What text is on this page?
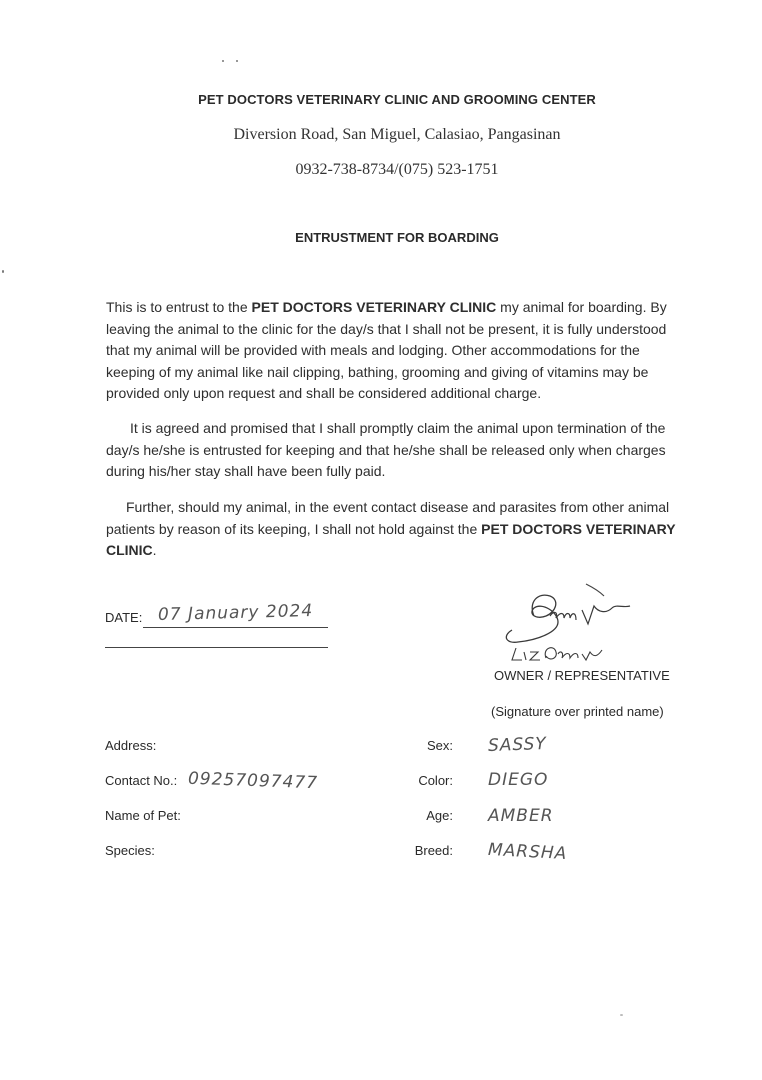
PET DOCTORS VETERINARY CLINIC AND GROOMING CENTER
Diversion Road, San Miguel, Calasiao, Pangasinan
0932-738-8734/(075) 523-1751
ENTRUSTMENT FOR BOARDING

This is to entrust to the PET DOCTORS VETERINARY CLINIC my animal for boarding. By leaving the animal to the clinic for the day/s that I shall not be present, it is fully understood that my animal will be provided with meals and lodging. Other accommodations for the keeping of my animal like nail clipping, bathing, grooming and giving of vitamins may be provided only upon request and shall be considered additional charge.

It is agreed and promised that I shall promptly claim the animal upon termination of the day/s he/she is entrusted for keeping and that he/she shall be released only when charges during his/her stay shall have been fully paid.

Further, should my animal, in the event contact disease and parasites from other animal patients by reason of its keeping, I shall not hold against the PET DOCTORS VETERINARY CLINIC.

DATE: 07 January 2024
OWNER / REPRESENTATIVE
(Signature over printed name)
Address:
Contact No.: 09257097477
Name of Pet:
Species:
Sex: SASSY
Color: DIEGO
Age: AMBER
Breed: MARSHA
